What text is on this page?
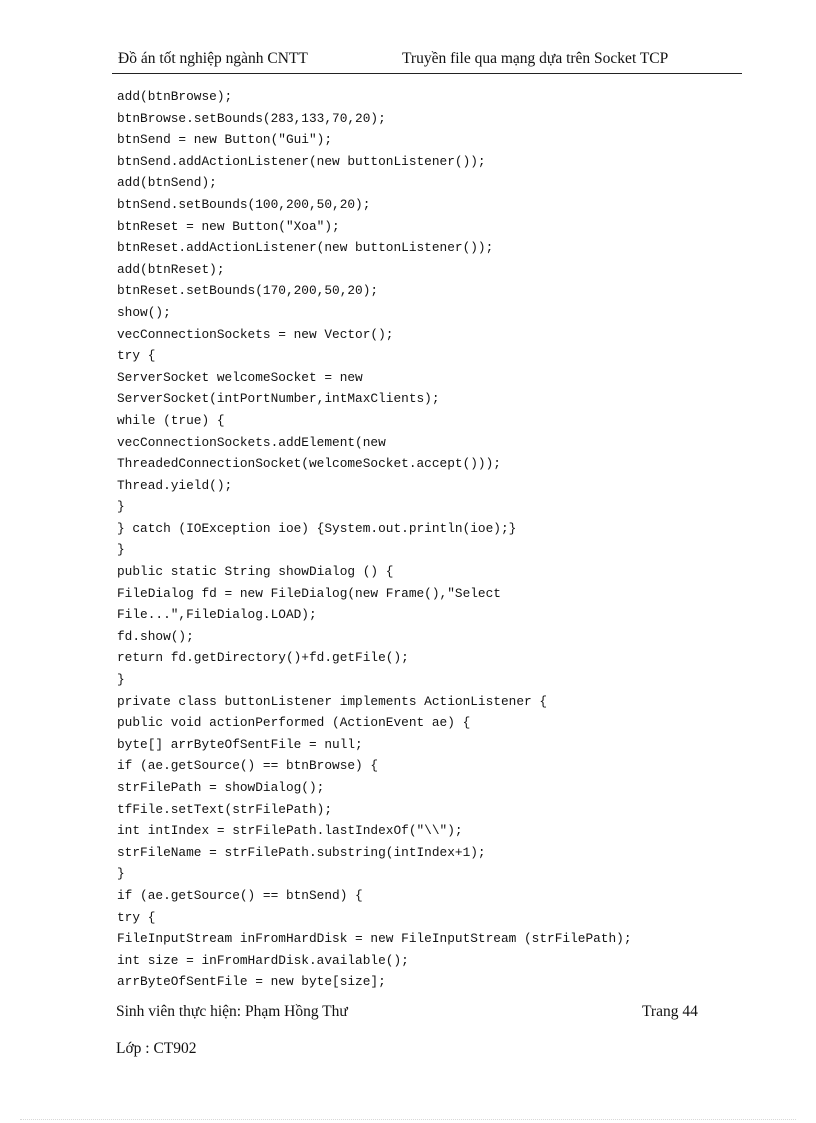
Đồ án tốt nghiệp ngành CNTT	Truyền file qua mạng dựa trên Socket TCP
add(btnBrowse);
btnBrowse.setBounds(283,133,70,20);
btnSend = new Button("Gui");
btnSend.addActionListener(new buttonListener());
add(btnSend);
btnSend.setBounds(100,200,50,20);
btnReset = new Button("Xoa");
btnReset.addActionListener(new buttonListener());
add(btnReset);
btnReset.setBounds(170,200,50,20);
show();
vecConnectionSockets = new Vector();
try {
ServerSocket welcomeSocket = new
ServerSocket(intPortNumber,intMaxClients);
while (true) {
vecConnectionSockets.addElement(new
ThreadedConnectionSocket(welcomeSocket.accept()));
Thread.yield();
}
} catch (IOException ioe) {System.out.println(ioe);}
}
public static String showDialog () {
FileDialog fd = new FileDialog(new Frame(),"Select
File...",FileDialog.LOAD);
fd.show();
return fd.getDirectory()+fd.getFile();
}
private class buttonListener implements ActionListener {
public void actionPerformed (ActionEvent ae) {
byte[] arrByteOfSentFile = null;
if (ae.getSource() == btnBrowse) {
strFilePath = showDialog();
tfFile.setText(strFilePath);
int intIndex = strFilePath.lastIndexOf("\\");
strFileName = strFilePath.substring(intIndex+1);
}
if (ae.getSource() == btnSend) {
try {
FileInputStream inFromHardDisk = new FileInputStream (strFilePath);
int size = inFromHardDisk.available();
arrByteOfSentFile = new byte[size];
Sinh viên thực hiện: Phạm Hồng Thư	Trang 44
Lớp : CT902
